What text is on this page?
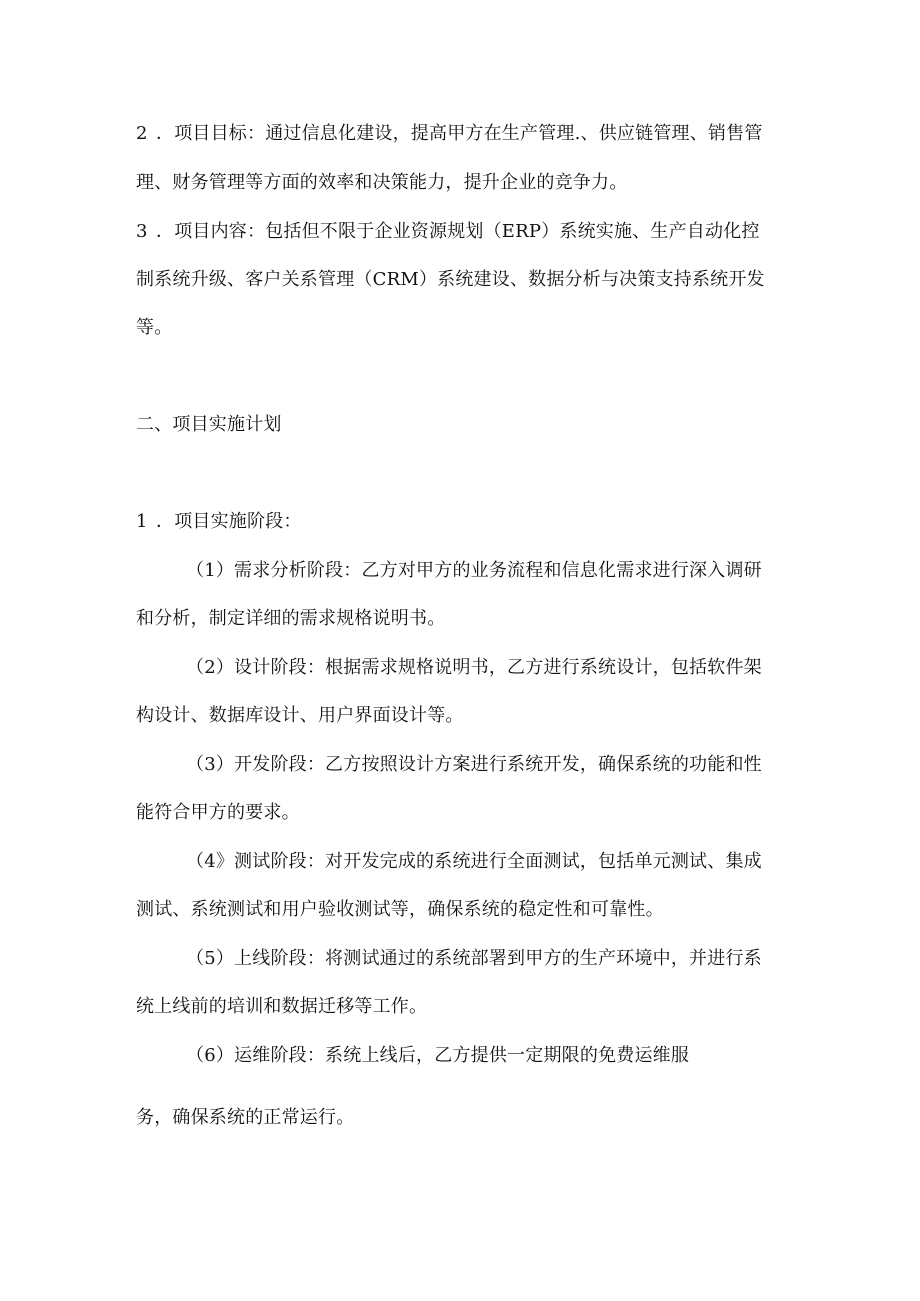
2 ．项目目标：通过信息化建设，提高甲方在生产管理.、供应链管理、销售管
理、财务管理等方面的效率和决策能力，提升企业的竞争力。
3 ．项目内容：包括但不限于企业资源规划（ERP）系统实施、生产自动化控
制系统升级、客户关系管理（CRM）系统建设、数据分析与决策支持系统开发
等。
二、项目实施计划
1 ．项目实施阶段：
（1）需求分析阶段：乙方对甲方的业务流程和信息化需求进行深入调研
和分析，制定详细的需求规格说明书。
（2）设计阶段：根据需求规格说明书，乙方进行系统设计，包括软件架
构设计、数据库设计、用户界面设计等。
（3）开发阶段：乙方按照设计方案进行系统开发，确保系统的功能和性
能符合甲方的要求。
（4》测试阶段：对开发完成的系统进行全面测试，包括单元测试、集成
测试、系统测试和用户验收测试等，确保系统的稳定性和可靠性。
（5）上线阶段：将测试通过的系统部署到甲方的生产环境中，并进行系
统上线前的培训和数据迁移等工作。
（6）运维阶段：系统上线后，乙方提供一定期限的免费运维服
务，确保系统的正常运行。
